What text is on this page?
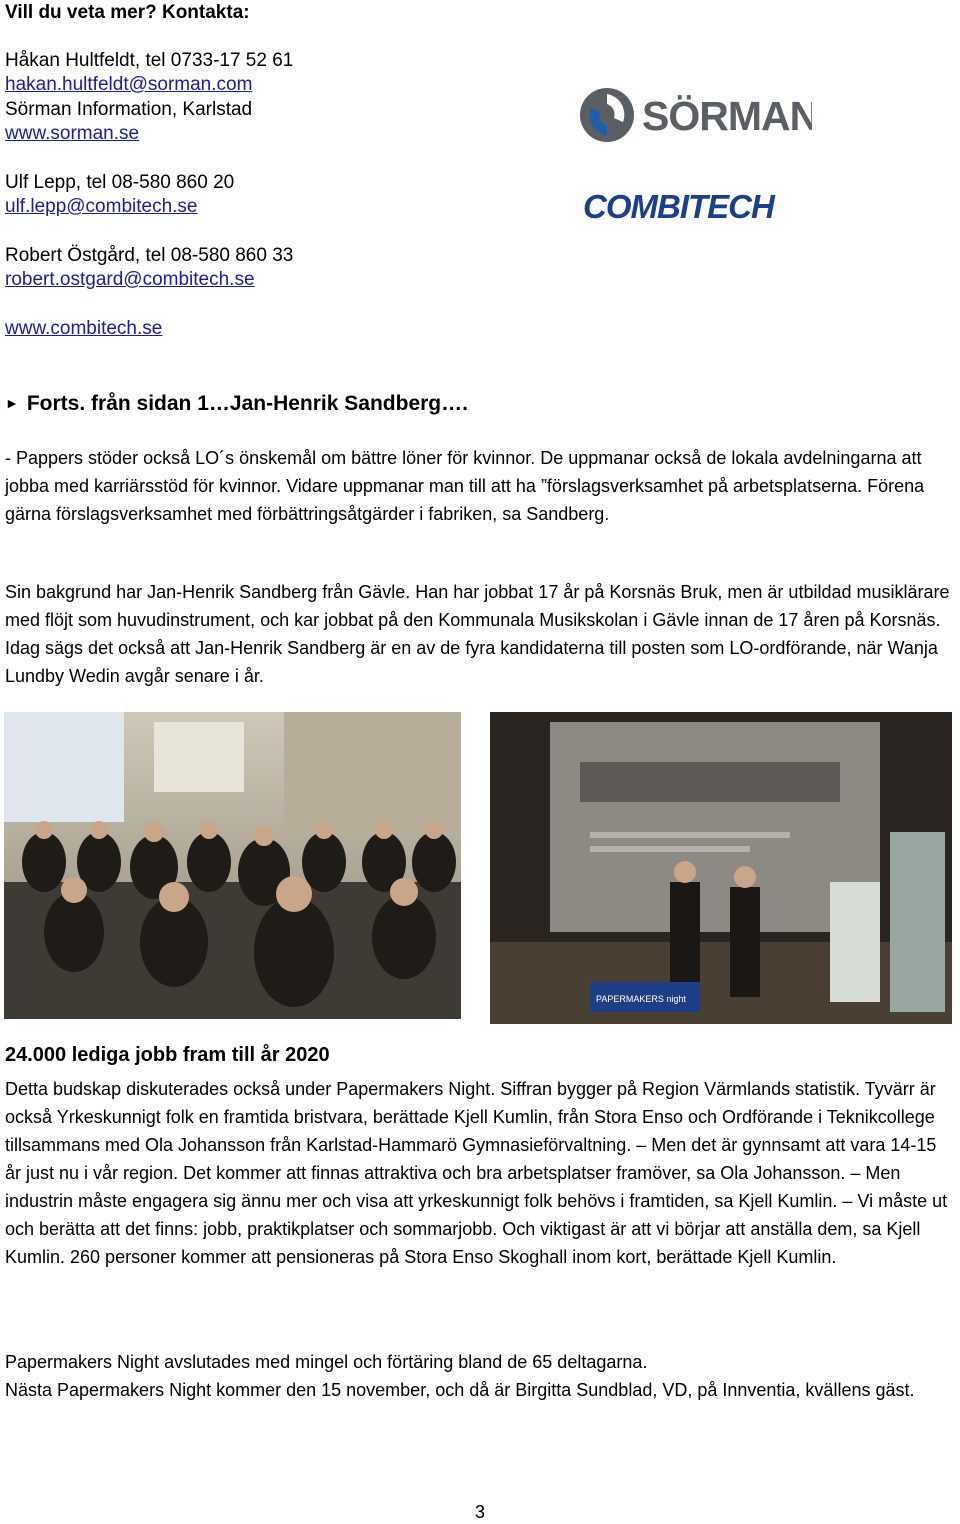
Vill du veta mer? Kontakta:
Håkan Hultfeldt, tel 0733-17 52 61
hakan.hultfeldt@sorman.com
Sörman Information, Karlstad
www.sorman.se
Ulf Lepp, tel 08-580 860 20
ulf.lepp@combitech.se
Robert Östgård, tel 08-580 860 33
robert.ostgard@combitech.se
www.combitech.se
SÖRMAN
COMBITECH
► Forts. från sidan 1…Jan-Henrik Sandberg….
- Pappers stöder också LO´s önskemål om bättre löner för kvinnor. De uppmanar också de lokala avdelningarna att jobba med karriärsstöd för kvinnor. Vidare uppmanar man till att ha ”förslagsverksamhet på arbetsplatserna. Förena gärna förslagsverksamhet med förbättringsåtgärder i fabriken, sa Sandberg.
Sin bakgrund har Jan-Henrik Sandberg från Gävle. Han har jobbat 17 år på Korsnäs Bruk, men är utbildad musiklärare med flöjt som huvudinstrument, och kar jobbat på den Kommunala Musikskolan i Gävle innan de 17 åren på Korsnäs. Idag sägs det också att Jan-Henrik Sandberg är en av de fyra kandidaterna till posten som LO-ordförande, när Wanja Lundby Wedin avgår senare i år.
PAPERMAKERS night
24.000 lediga jobb fram till år 2020
Detta budskap diskuterades också under Papermakers Night. Siffran bygger på Region Värmlands statistik. Tyvärr är också Yrkeskunnigt folk en framtida bristvara, berättade Kjell Kumlin, från Stora Enso och Ordförande i Teknikcollege tillsammans med Ola Johansson från Karlstad-Hammarö Gymnasieförvaltning. – Men det är gynnsamt att vara 14-15 år just nu i vår region. Det kommer att finnas attraktiva och bra arbetsplatser framöver, sa Ola Johansson. – Men industrin måste engagera sig ännu mer och visa att yrkeskunnigt folk behövs i framtiden, sa Kjell Kumlin. – Vi måste ut och berätta att det finns: jobb, praktikplatser och sommarjobb. Och viktigast är att vi börjar att anställa dem, sa Kjell Kumlin. 260 personer kommer att pensioneras på Stora Enso Skoghall inom kort, berättade Kjell Kumlin.
Papermakers Night avslutades med mingel och förtäring bland de 65 deltagarna.
Nästa Papermakers Night kommer den 15 november, och då är Birgitta Sundblad, VD, på Innventia, kvällens gäst.
3
